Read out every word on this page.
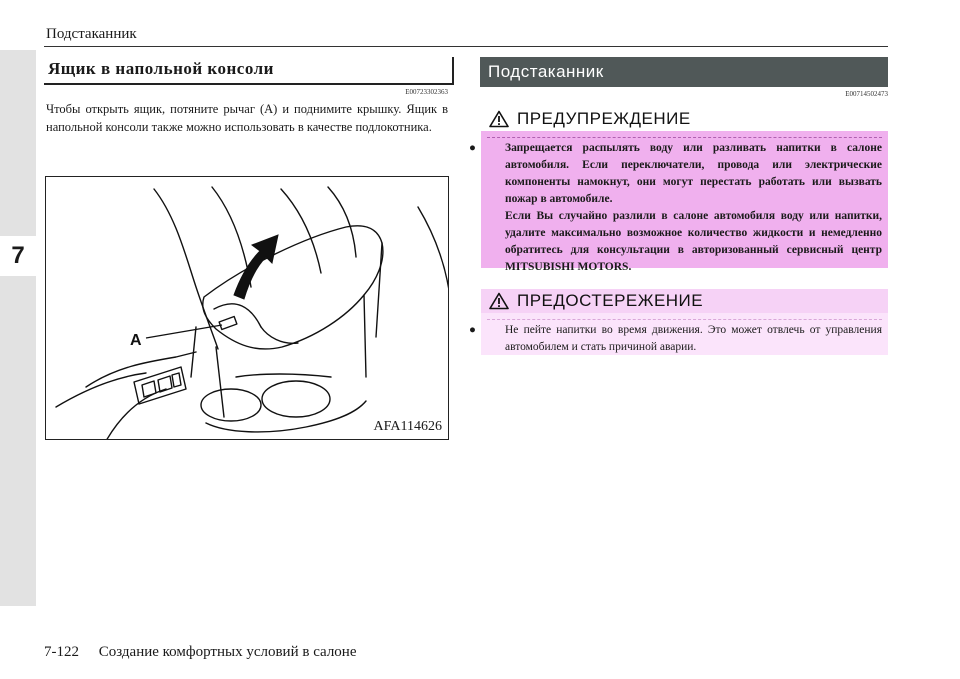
7
Подстаканник
Ящик в напольной консоли
E00723302363

Чтобы открыть ящик, потяните рычаг (A) и поднимите крышку. Ящик в напольной консоли также можно использовать в качестве подлокотника.

A
AFA114626
Подстаканник
E00714502473
ПРЕДУПРЕЖДЕНИЕ
●	Запрещается распылять воду или разливать напитки в салоне автомобиля. Если переключатели, провода или электрические компоненты намокнут, они могут перестать работать или вызвать пожар в автомобиле.
Если Вы случайно разлили в салоне автомобиля воду или напитки, удалите максимально возможное количество жидкости и немедленно обратитесь для консультации в авторизованный сервисный центр MITSUBISHI MOTORS.
ПРЕДОСТЕРЕЖЕНИЕ
●	Не пейте напитки во время движения. Это может отвлечь от управления автомобилем и стать причиной аварии.
7-122 Создание комфортных условий в салоне
